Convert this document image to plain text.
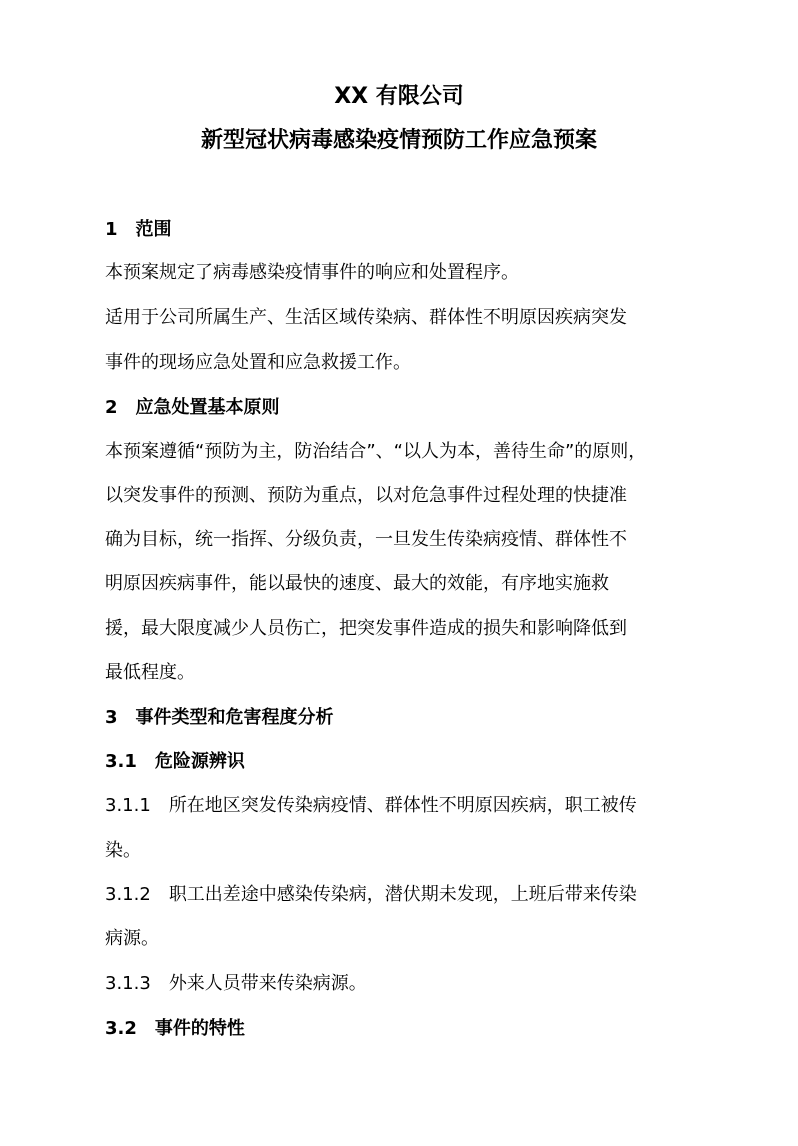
XX 有限公司
新型冠状病毒感染疫情预防工作应急预案
1 范围
本预案规定了病毒感染疫情事件的响应和处置程序。
适用于公司所属生产、生活区域传染病、群体性不明原因疾病突发
事件的现场应急处置和应急救援工作。
2 应急处置基本原则
本预案遵循“预防为主，防治结合”、“以人为本，善待生命”的原则，
以突发事件的预测、预防为重点，以对危急事件过程处理的快捷准
确为目标，统一指挥、分级负责，一旦发生传染病疫情、群体性不
明原因疾病事件，能以最快的速度、最大的效能，有序地实施救
援，最大限度减少人员伤亡，把突发事件造成的损失和影响降低到
最低程度。
3 事件类型和危害程度分析
3.1 危险源辨识
3.1.1 所在地区突发传染病疫情、群体性不明原因疾病，职工被传
染。
3.1.2 职工出差途中感染传染病，潜伏期未发现，上班后带来传染
病源。
3.1.3 外来人员带来传染病源。
3.2 事件的特性
